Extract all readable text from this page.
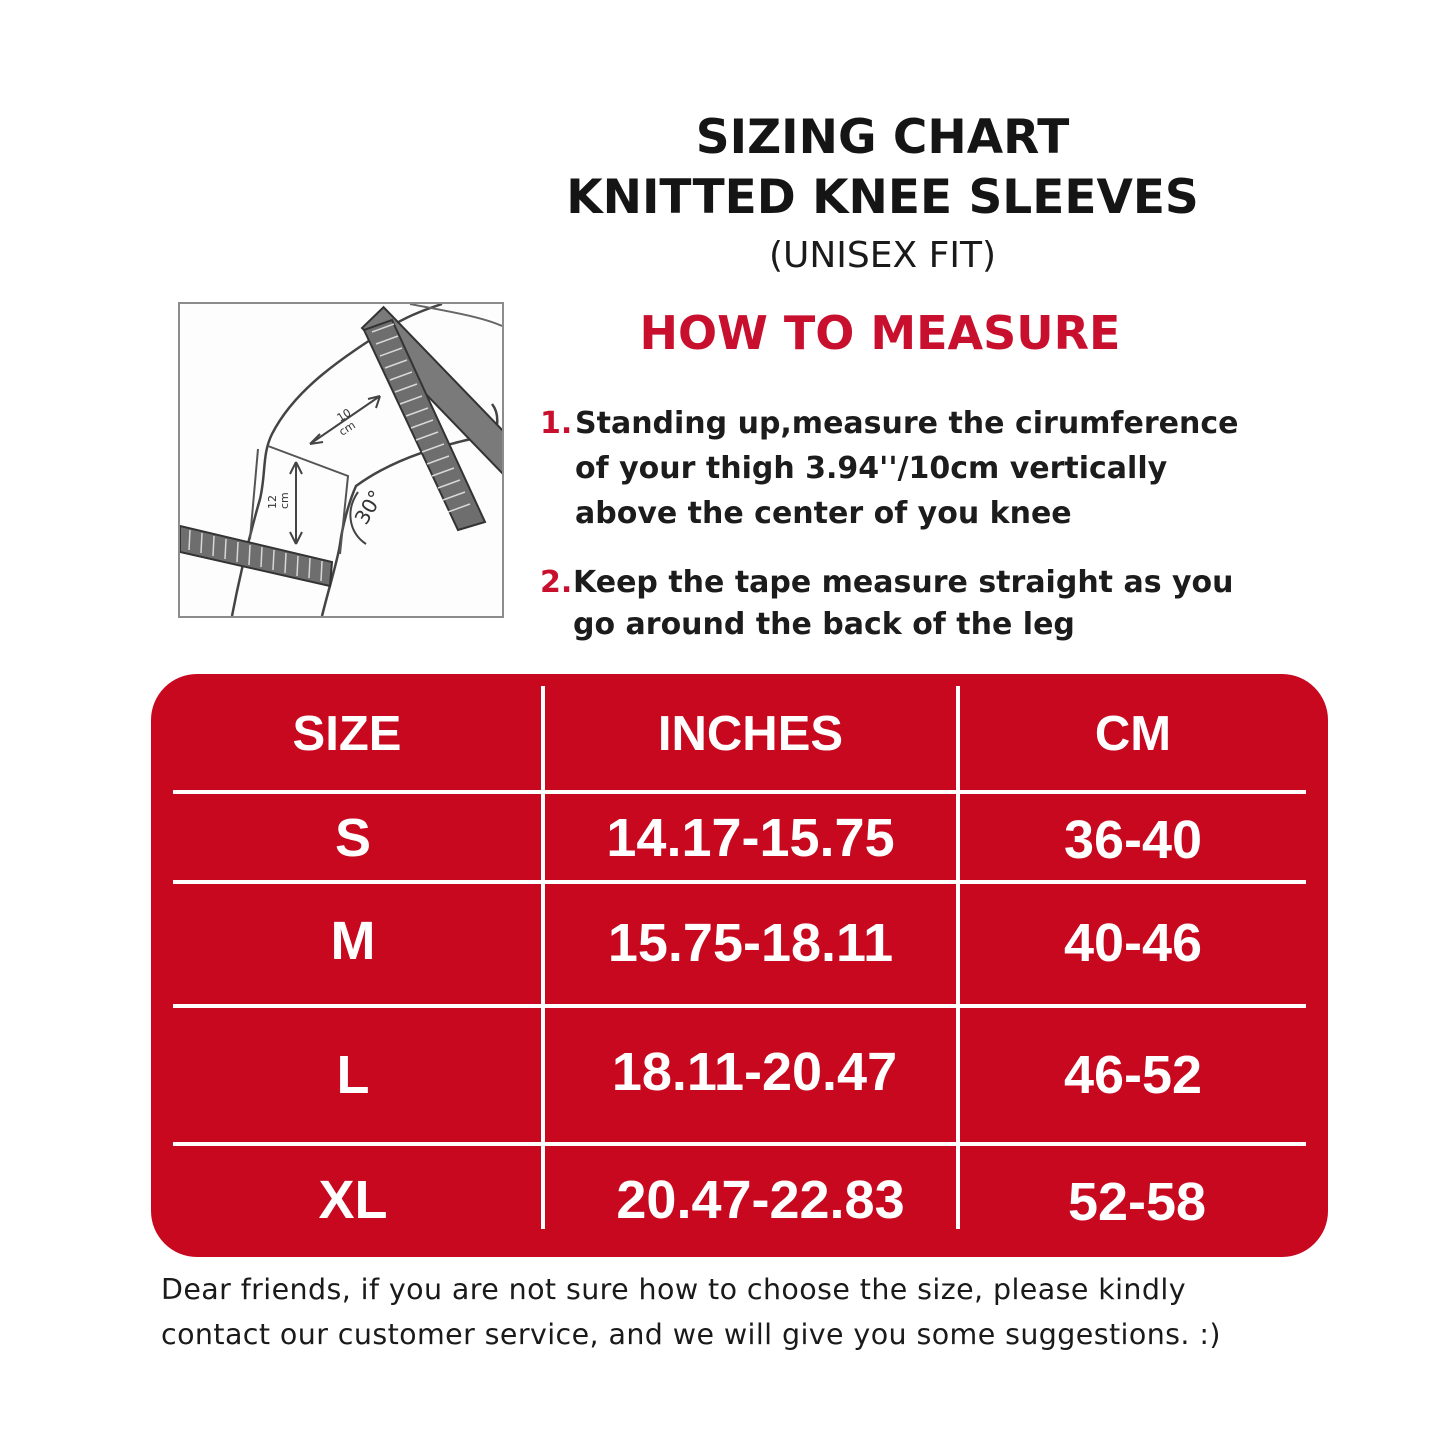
SIZING CHART
KNITTED KNEE SLEEVES
(UNISEX FIT)
10
cm
12 cm	30°
HOW TO MEASURE
1. Standing up,measure the cirumference
of your thigh 3.94''/10cm vertically
above the center of you knee
2. Keep the tape measure straight as you
go around the back of the leg
SIZE	INCHES	CM
S	14.17-15.75	36-40
M	15.75-18.11	40-46
L	18.11-20.47	46-52
XL	20.47-22.83	52-58
Dear friends, if you are not sure how to choose the size, please kindly
contact our customer service, and we will give you some suggestions. :)
